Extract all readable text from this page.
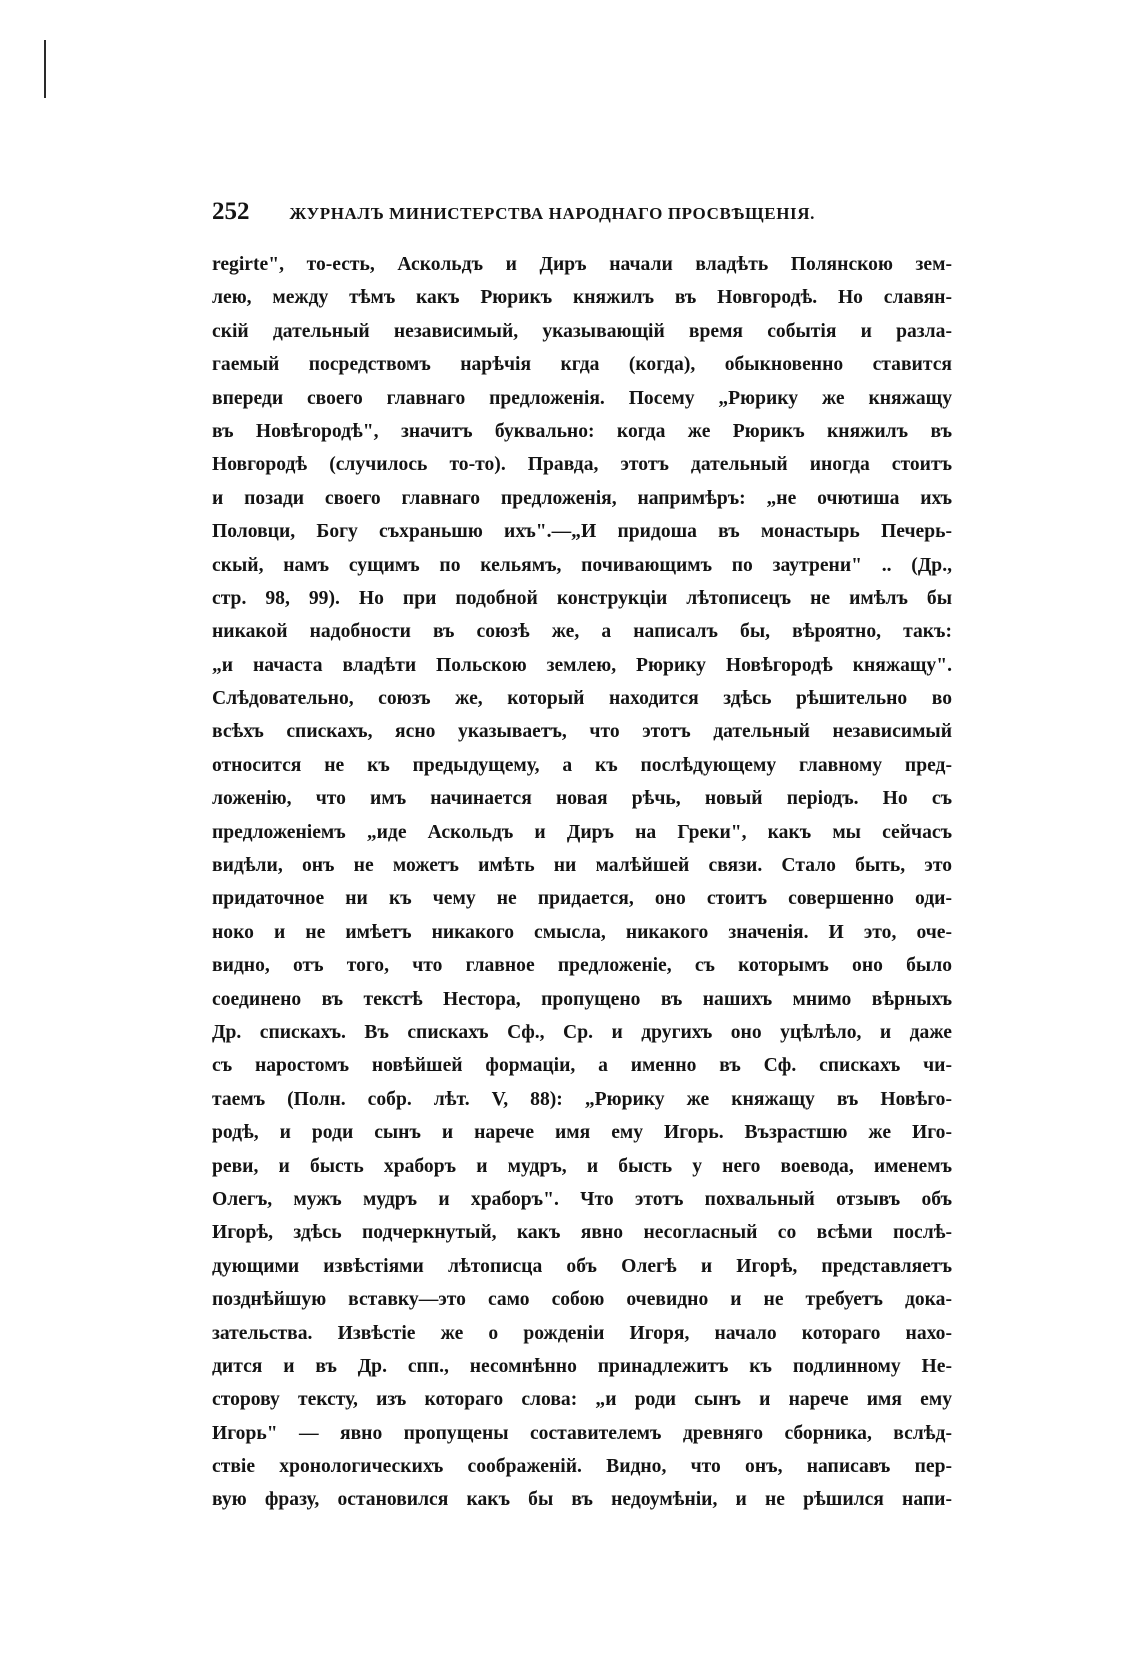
252 ЖУРНАЛЪ МИНИСТЕРСТВА НАРОДНАГО ПРОСВѢЩЕНІЯ.
regirte", то-есть, Аскольдъ и Диръ начали владѣть Полянскою зем-
лею, между тѣмъ какъ Рюрикъ княжилъ въ Новгородѣ. Но славян-
скій дательный независимый, указывающій время событія и разла-
гаемый посредствомъ нарѣчія кгда (когда), обыкновенно ставится
впереди своего главнаго предложенія. Посему „Рюрику же княжащу
въ Новѣгородѣ", значитъ буквально: когда же Рюрикъ княжилъ въ
Новгородѣ (случилось то-то). Правда, этотъ дательный иногда стоитъ
и позади своего главнаго предложенія, напримѣръ: „не очютиша ихъ
Половци, Богу съхраньшю ихъ".—„И придоша въ монастырь Печерь-
скый, намъ сущимъ по кельямъ, почивающимъ по заутрени" .. (Др.,
стр. 98, 99). Но при подобной конструкціи лѣтописецъ не имѣлъ бы
никакой надобности въ союзѣ же, а написалъ бы, вѣроятно, такъ:
„и начаста владѣти Польскою землею, Рюрику Новѣгородѣ княжащу".
Слѣдовательно, союзъ же, который находится здѣсь рѣшительно во
всѣхъ спискахъ, ясно указываетъ, что этотъ дательный независимый
относится не къ предыдущему, а къ послѣдующему главному пред-
ложенію, что имъ начинается новая рѣчь, новый періодъ. Но съ
предложеніемъ „иде Аскольдъ и Диръ на Греки", какъ мы сейчасъ
видѣли, онъ не можетъ имѣть ни малѣйшей связи. Стало быть, это
придаточное ни къ чему не придается, оно стоитъ совершенно оди-
ноко и не имѣетъ никакого смысла, никакого значенія. И это, оче-
видно, отъ того, что главное предложеніе, съ которымъ оно было
соединено въ текстѣ Нестора, пропущено въ нашихъ мнимо вѣрныхъ
Др. спискахъ. Въ спискахъ Сф., Ср. и другихъ оно уцѣлѣло, и даже
съ наростомъ новѣйшей формаціи, а именно въ Сф. спискахъ чи-
таемъ (Полн. собр. лѣт. V, 88): „Рюрику же княжащу въ Новѣго-
родѣ, и роди сынъ и нарече имя ему Игорь. Възрастшю же Иго-
реви, и бысть храборъ и мудръ, и бысть у него воевода, именемъ
Олегъ, мужъ мудръ и храборъ". Что этотъ похвальный отзывъ объ
Игорѣ, здѣсь подчеркнутый, какъ явно несогласный со всѣми послѣ-
дующими извѣстіями лѣтописца объ Олегѣ и Игорѣ, представляетъ
позднѣйшую вставку—это само собою очевидно и не требуетъ дока-
зательства. Извѣстіе же о рожденіи Игоря, начало котораго нахо-
дится и въ Др. спп., несомнѣнно принадлежитъ къ подлинному Не-
сторову тексту, изъ котораго слова: „и роди сынъ и нарече имя ему
Игорь" — явно пропущены составителемъ древняго сборника, вслѣд-
ствіе хронологическихъ соображеній. Видно, что онъ, написавъ пер-
вую фразу, остановился какъ бы въ недоумѣніи, и не рѣшился напи-
